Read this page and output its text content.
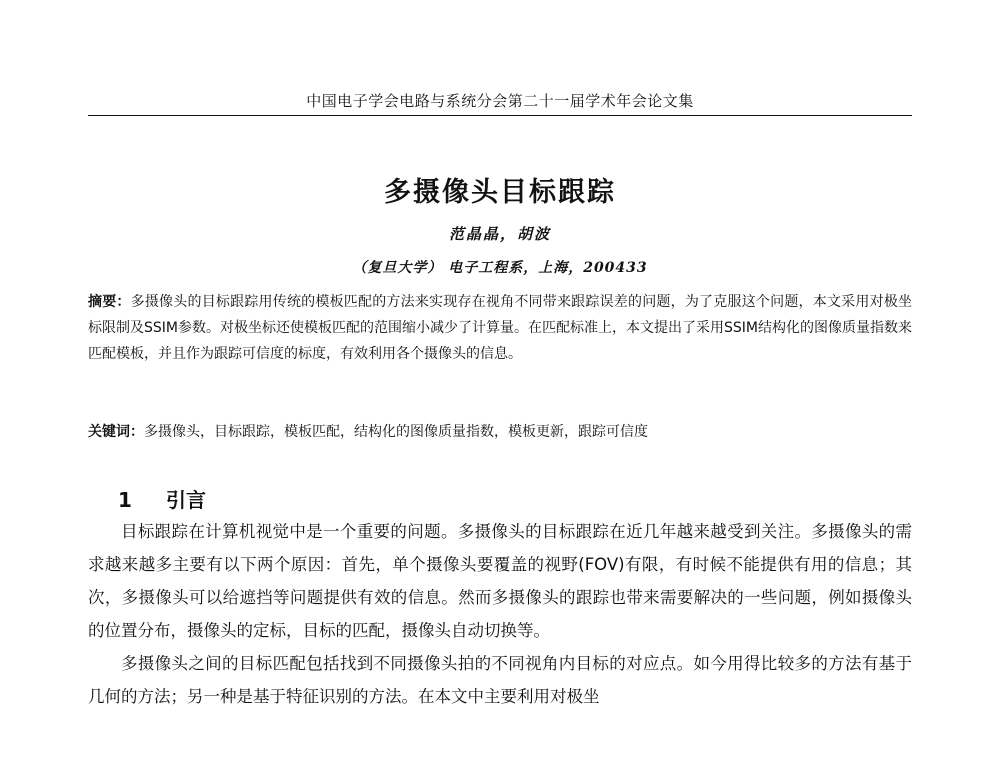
中国电子学会电路与系统分会第二十一届学术年会论文集
多摄像头目标跟踪
范晶晶，胡波
（复旦大学） 电子工程系，上海，200433
摘要：多摄像头的目标跟踪用传统的模板匹配的方法来实现存在视角不同带来跟踪误差的问题，为了克服这个问题，本文采用对极坐标限制及SSIM参数。对极坐标还使模板匹配的范围缩小减少了计算量。在匹配标准上，本文提出了采用SSIM结构化的图像质量指数来匹配模板，并且作为跟踪可信度的标度，有效利用各个摄像头的信息。
关键词：多摄像头，目标跟踪，模板匹配，结构化的图像质量指数，模板更新，跟踪可信度
1 引言

目标跟踪在计算机视觉中是一个重要的问题。多摄像头的目标跟踪在近几年越来越受到关注。多摄像头的需求越来越多主要有以下两个原因：首先，单个摄像头要覆盖的视野(FOV)有限，有时候不能提供有用的信息；其次，多摄像头可以给遮挡等问题提供有效的信息。然而多摄像头的跟踪也带来需要解决的一些问题，例如摄像头的位置分布，摄像头的定标，目标的匹配，摄像头自动切换等。

多摄像头之间的目标匹配包括找到不同摄像头拍的不同视角内目标的对应点。如今用得比较多的方法有基于几何的方法；另一种是基于特征识别的方法。在本文中主要利用对极坐
